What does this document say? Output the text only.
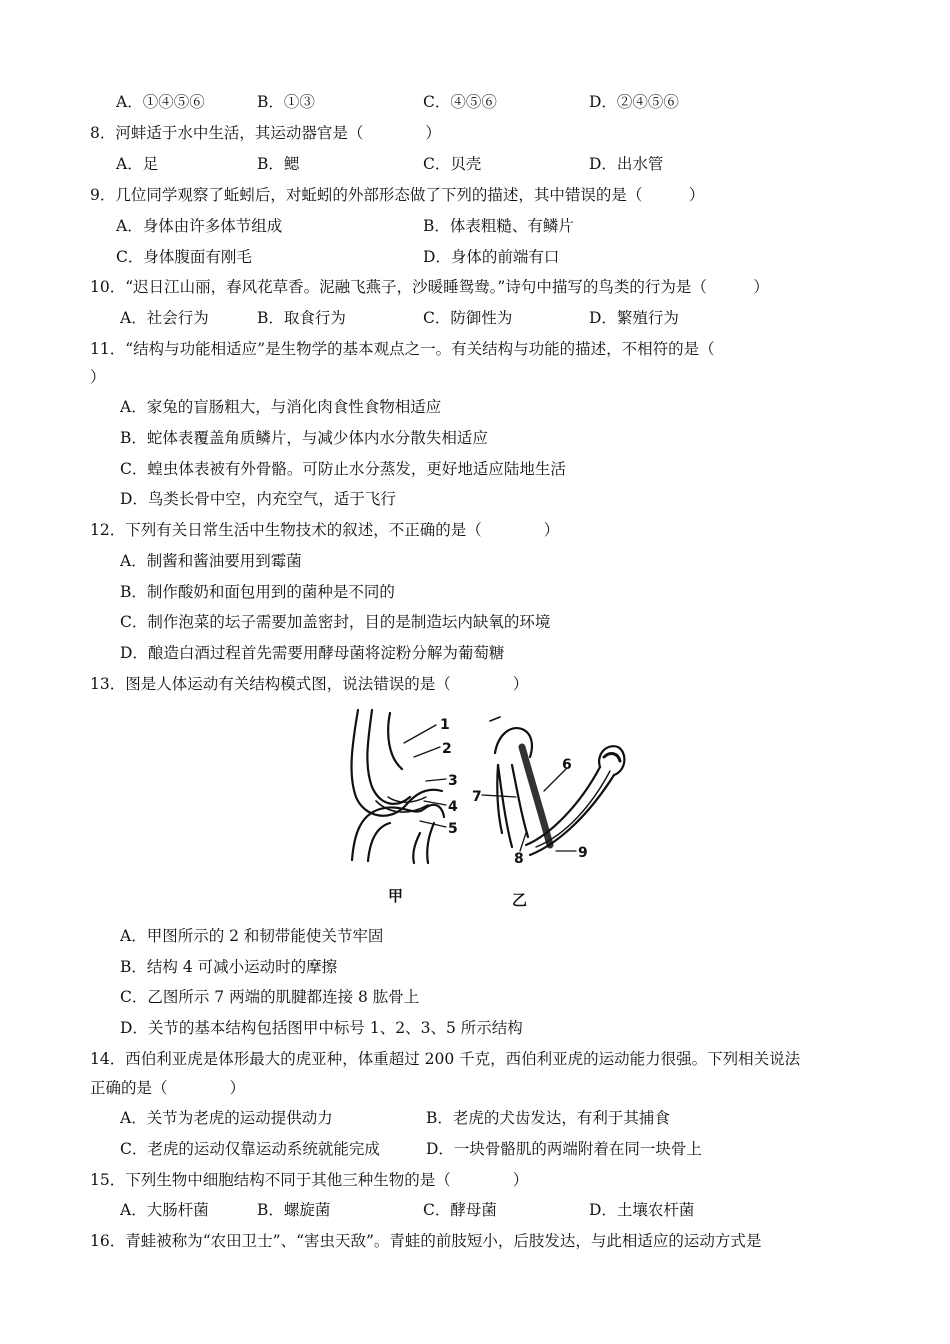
A．①④⑤⑥	B．①③	C．④⑤⑥	D．②④⑤⑥
8．河蚌适于水中生活，其运动器官是（　　　　）
A．足	B．鳃	C．贝壳	D．出水管
9．几位同学观察了蚯蚓后，对蚯蚓的外部形态做了下列的描述，其中错误的是（　　　）
A．身体由许多体节组成	B．体表粗糙、有鳞片
C．身体腹面有刚毛	D．身体的前端有口
10．“迟日江山丽，春风花草香。泥融飞燕子，沙暖睡鸳鸯。”诗句中描写的鸟类的行为是（　　　）
A．社会行为	B．取食行为	C．防御性为	D．繁殖行为
11．“结构与功能相适应”是生物学的基本观点之一。有关结构与功能的描述，不相符的是（
）
A．家兔的盲肠粗大，与消化肉食性食物相适应
B．蛇体表覆盖角质鳞片，与减少体内水分散失相适应
C．蝗虫体表被有外骨骼。可防止水分蒸发，更好地适应陆地生活
D．鸟类长骨中空，内充空气，适于飞行
12．下列有关日常生活中生物技术的叙述，不正确的是（　　　　）
A．制酱和酱油要用到霉菌
B．制作酸奶和面包用到的菌种是不同的
C．制作泡菜的坛子需要加盖密封，目的是制造坛内缺氧的环境
D．酿造白酒过程首先需要用酵母菌将淀粉分解为葡萄糖
13．图是人体运动有关结构模式图，说法错误的是（　　　　）
1
2
3
4
5
6
7
8	9
甲	乙
A．甲图所示的 2 和韧带能使关节牢固
B．结构 4 可减小运动时的摩擦
C．乙图所示 7 两端的肌腱都连接 8 肱骨上
D．关节的基本结构包括图甲中标号 1、2、3、5 所示结构
14．西伯利亚虎是体形最大的虎亚种，体重超过 200 千克，西伯利亚虎的运动能力很强。下列相关说法
正确的是（　　　　）
A．关节为老虎的运动提供动力	B．老虎的犬齿发达，有利于其捕食
C．老虎的运动仅靠运动系统就能完成	D．一块骨骼肌的两端附着在同一块骨上
15．下列生物中细胞结构不同于其他三种生物的是（　　　　）
A．大肠杆菌	B．螺旋菌	C．酵母菌	D．土壤农杆菌
16．青蛙被称为“农田卫士”、“害虫天敌”。青蛙的前肢短小，后肢发达，与此相适应的运动方式是
